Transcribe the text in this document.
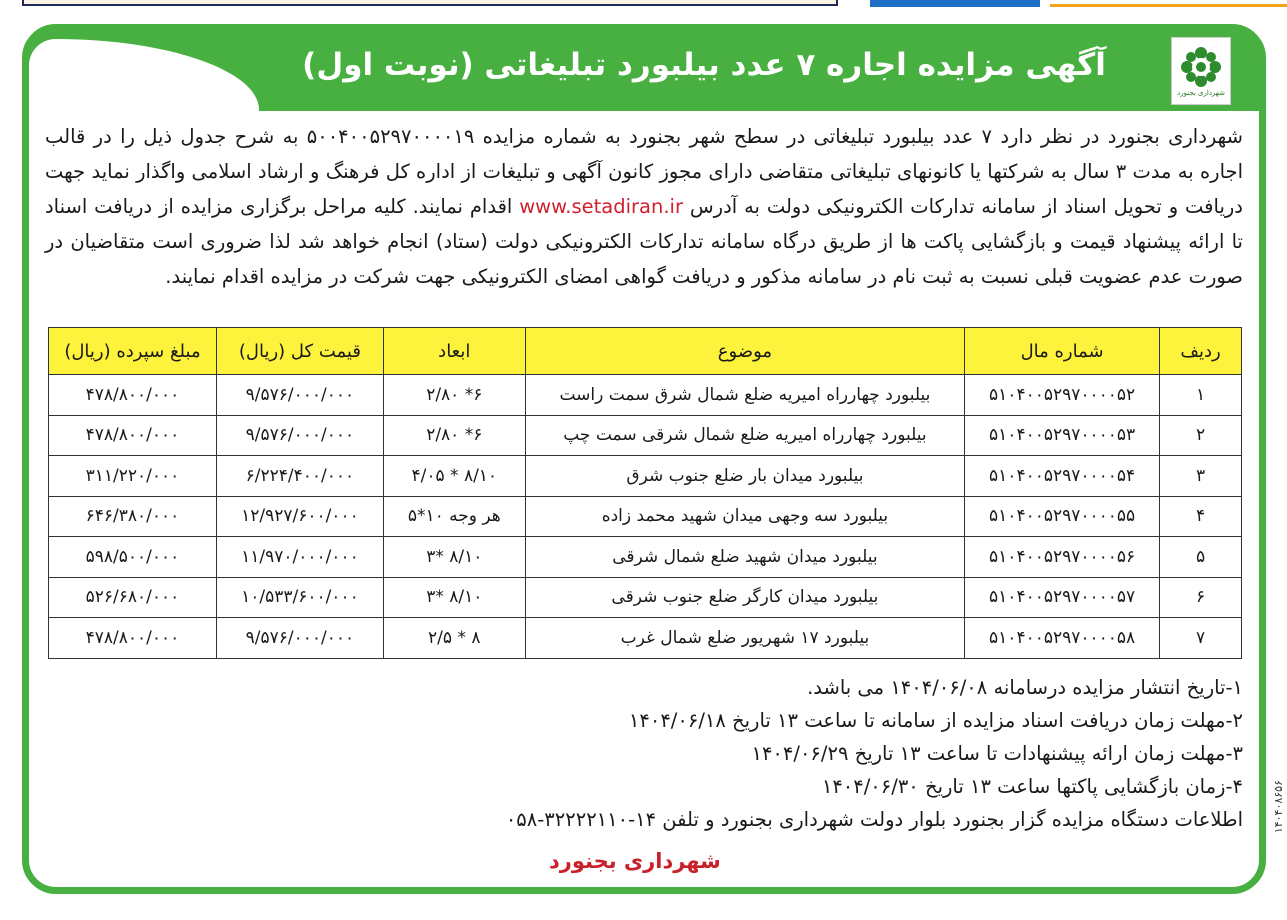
آگهی مزایده اجاره ۷ عدد بیلبورد تبلیغاتی (نوبت اول)
شهرداری بجنورد
شهرداری بجنورد در نظر دارد ۷ عدد بیلبورد تبلیغاتی در سطح شهر بجنورد به شماره مزایده ۵۰۰۴۰۰۵۲۹۷۰۰۰۰۱۹ به شرح جدول ذیل را در قالب اجاره به مدت ۳ سال به شرکتها یا کانونهای تبلیغاتی متقاضی دارای مجوز کانون آگهی و تبلیغات از اداره کل فرهنگ و ارشاد اسلامی واگذار نماید جهت دریافت و تحویل اسناد از سامانه تدارکات الکترونیکی دولت به آدرس www.setadiran.ir اقدام نمایند. کلیه مراحل برگزاری مزایده از دریافت اسناد تا ارائه پیشنهاد قیمت و بازگشایی پاکت ها از طریق درگاه سامانه تدارکات الکترونیکی دولت (ستاد) انجام خواهد شد لذا ضروری است متقاضیان در صورت عدم عضویت قبلی نسبت به ثبت نام در سامانه مذکور و دریافت گواهی امضای الکترونیکی جهت شرکت در مزایده اقدام نمایند.
ردیف	شماره مال	موضوع	ابعاد	قیمت کل (ریال)	مبلغ سپرده (ریال)
۱	۵۱۰۴۰۰۵۲۹۷۰۰۰۰۵۲	بیلبورد چهارراه امیریه ضلع شمال شرق سمت راست	۶* ۲/۸۰	۹/۵۷۶/۰۰۰/۰۰۰	۴۷۸/۸۰۰/۰۰۰
۲	۵۱۰۴۰۰۵۲۹۷۰۰۰۰۵۳	بیلبورد چهارراه امیریه ضلع شمال شرقی سمت چپ	۶* ۲/۸۰	۹/۵۷۶/۰۰۰/۰۰۰	۴۷۸/۸۰۰/۰۰۰
۳	۵۱۰۴۰۰۵۲۹۷۰۰۰۰۵۴	بیلبورد میدان بار ضلع جنوب شرق	۸/۱۰ * ۴/۰۵	۶/۲۲۴/۴۰۰/۰۰۰	۳۱۱/۲۲۰/۰۰۰
۴	۵۱۰۴۰۰۵۲۹۷۰۰۰۰۵۵	بیلبورد سه وجهی میدان شهید محمد زاده	هر وجه ۱۰*۵	۱۲/۹۲۷/۶۰۰/۰۰۰	۶۴۶/۳۸۰/۰۰۰
۵	۵۱۰۴۰۰۵۲۹۷۰۰۰۰۵۶	بیلبورد میدان شهید ضلع شمال شرقی	۸/۱۰ *۳	۱۱/۹۷۰/۰۰۰/۰۰۰	۵۹۸/۵۰۰/۰۰۰
۶	۵۱۰۴۰۰۵۲۹۷۰۰۰۰۵۷	بیلبورد میدان کارگر ضلع جنوب شرقی	۸/۱۰ *۳	۱۰/۵۳۳/۶۰۰/۰۰۰	۵۲۶/۶۸۰/۰۰۰
۷	۵۱۰۴۰۰۵۲۹۷۰۰۰۰۵۸	بیلبورد ۱۷ شهریور ضلع شمال غرب	۸ * ۲/۵	۹/۵۷۶/۰۰۰/۰۰۰	۴۷۸/۸۰۰/۰۰۰
۱-تاریخ انتشار مزایده درسامانه ۱۴۰۴/۰۶/۰۸ می باشد.
۲-مهلت زمان دریافت اسناد مزایده از سامانه تا ساعت ۱۳ تاریخ ۱۴۰۴/۰۶/۱۸
۳-مهلت زمان ارائه پیشنهادات تا ساعت ۱۳ تاریخ ۱۴۰۴/۰۶/۲۹
۴-زمان بازگشایی پاکتها ساعت ۱۳ تاریخ ۱۴۰۴/۰۶/۳۰
اطلاعات دستگاه مزایده گزار بجنورد بلوار دولت شهرداری بجنورد و تلفن ۱۴-۳۲۲۲۲۱۱۰-۰۵۸
شهرداری بجنورد
۱۴۰۴۰۸۶۵۶
